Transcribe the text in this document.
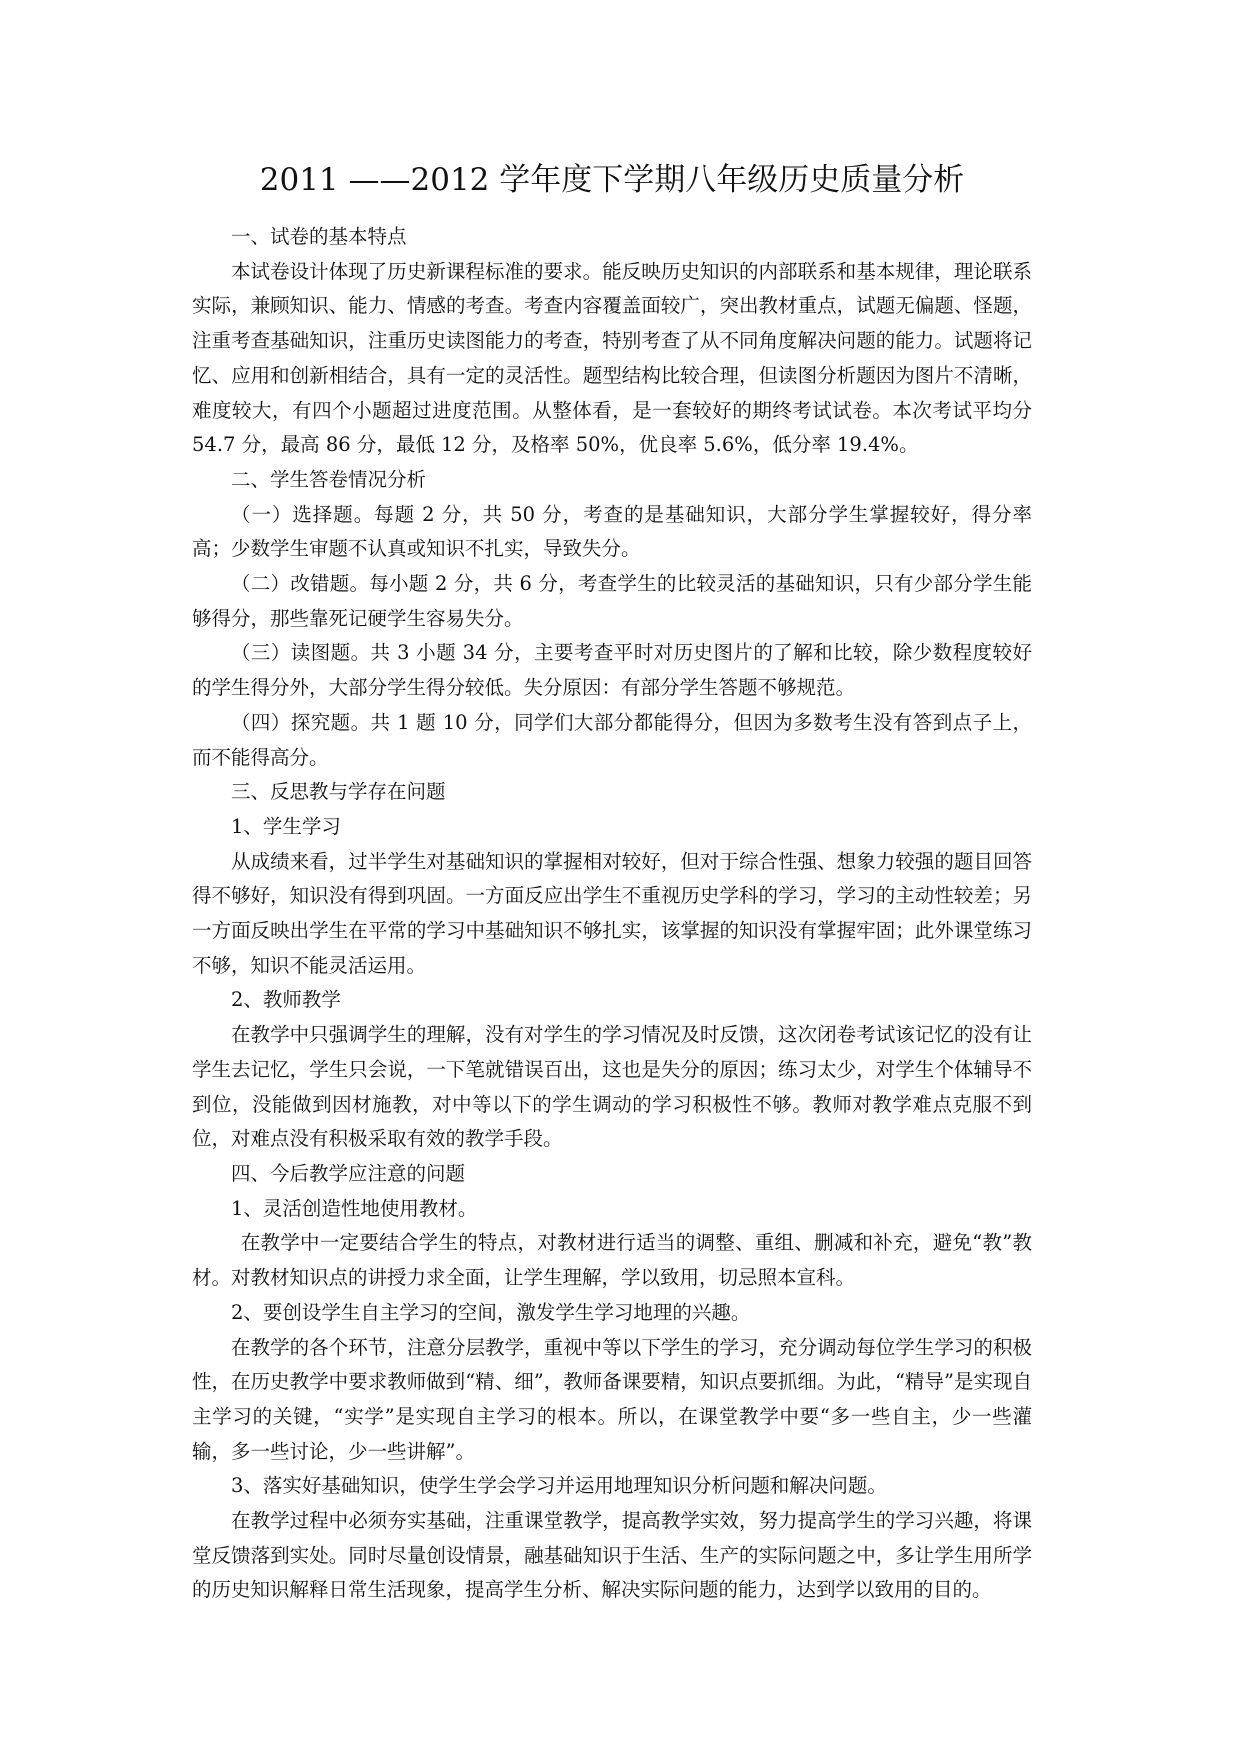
2011 ——2012 学年度下学期八年级历史质量分析

一、试卷的基本特点

本试卷设计体现了历史新课程标准的要求。能反映历史知识的内部联系和基本规律，理论联系实际，兼顾知识、能力、情感的考查。考查内容覆盖面较广，突出教材重点，试题无偏题、怪题，注重考查基础知识，注重历史读图能力的考查，特别考查了从不同角度解决问题的能力。试题将记忆、应用和创新相结合，具有一定的灵活性。题型结构比较合理，但读图分析题因为图片不清晰，难度较大，有四个小题超过进度范围。从整体看，是一套较好的期终考试试卷。本次考试平均分 54.7 分，最高 86 分，最低 12 分，及格率 50%，优良率 5.6%，低分率 19.4%。

二、学生答卷情况分析

（一）选择题。每题 2 分，共 50 分，考查的是基础知识，大部分学生掌握较好，得分率高；少数学生审题不认真或知识不扎实，导致失分。

（二）改错题。每小题 2 分，共 6 分，考查学生的比较灵活的基础知识，只有少部分学生能够得分，那些靠死记硬学生容易失分。

（三）读图题。共 3 小题 34 分，主要考查平时对历史图片的了解和比较，除少数程度较好的学生得分外，大部分学生得分较低。失分原因：有部分学生答题不够规范。

（四）探究题。共 1 题 10 分，同学们大部分都能得分，但因为多数考生没有答到点子上，而不能得高分。

三、反思教与学存在问题

1、学生学习

从成绩来看，过半学生对基础知识的掌握相对较好，但对于综合性强、想象力较强的题目回答得不够好，知识没有得到巩固。一方面反应出学生不重视历史学科的学习，学习的主动性较差；另一方面反映出学生在平常的学习中基础知识不够扎实，该掌握的知识没有掌握牢固；此外课堂练习不够，知识不能灵活运用。

2、教师教学

在教学中只强调学生的理解，没有对学生的学习情况及时反馈，这次闭卷考试该记忆的没有让学生去记忆，学生只会说，一下笔就错误百出，这也是失分的原因；练习太少，对学生个体辅导不到位，没能做到因材施教，对中等以下的学生调动的学习积极性不够。教师对教学难点克服不到位，对难点没有积极采取有效的教学手段。

四、今后教学应注意的问题

1、灵活创造性地使用教材。

在教学中一定要结合学生的特点，对教材进行适当的调整、重组、删减和补充，避免“教”教材。对教材知识点的讲授力求全面，让学生理解，学以致用，切忌照本宣科。

2、要创设学生自主学习的空间，激发学生学习地理的兴趣。

在教学的各个环节，注意分层教学，重视中等以下学生的学习，充分调动每位学生学习的积极性，在历史教学中要求教师做到“精、细”，教师备课要精，知识点要抓细。为此，“精导”是实现自主学习的关键，“实学”是实现自主学习的根本。所以，在课堂教学中要“多一些自主，少一些灌输，多一些讨论，少一些讲解”。

3、落实好基础知识，使学生学会学习并运用地理知识分析问题和解决问题。

在教学过程中必须夯实基础，注重课堂教学，提高教学实效，努力提高学生的学习兴趣，将课堂反馈落到实处。同时尽量创设情景，融基础知识于生活、生产的实际问题之中，多让学生用所学的历史知识解释日常生活现象，提高学生分析、解决实际问题的能力，达到学以致用的目的。
